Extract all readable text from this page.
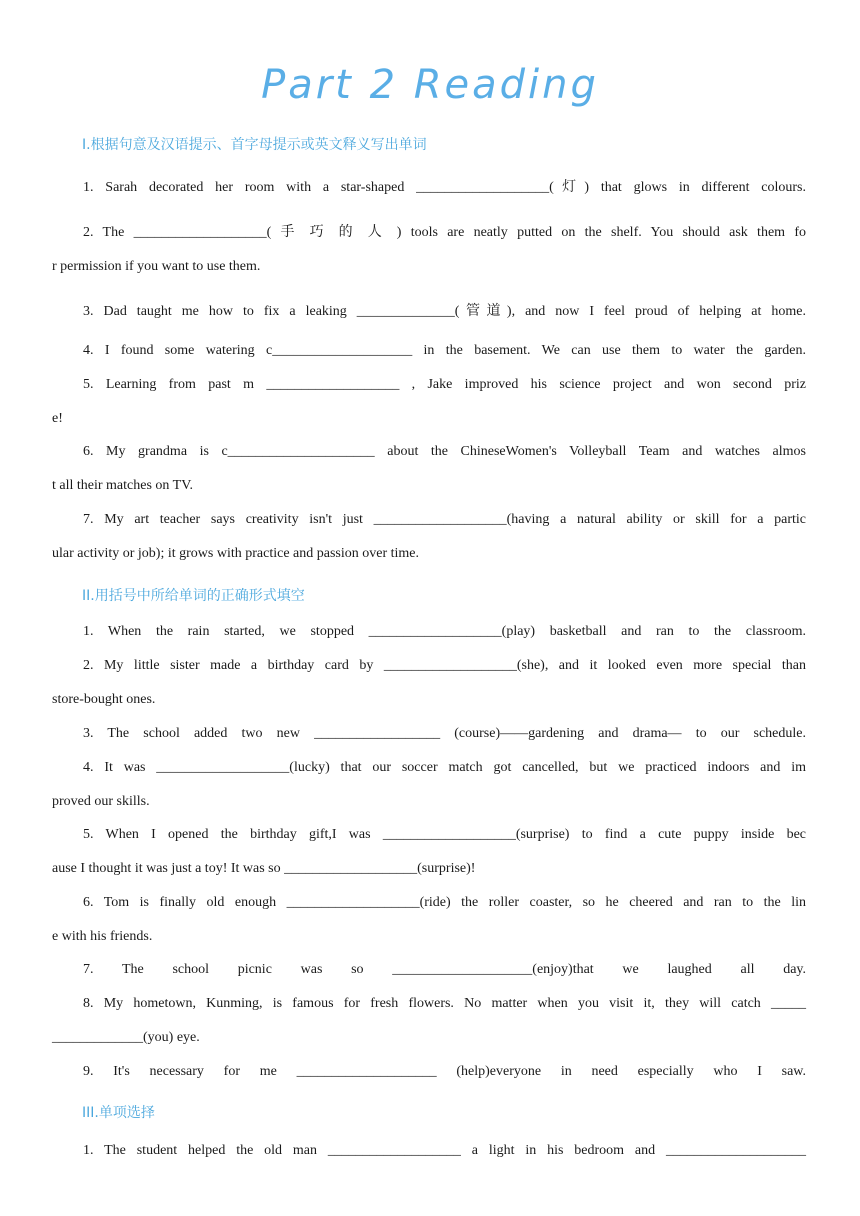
Part 2 Reading
I.根据句意及汉语提示、首字母提示或英文释义写出单词
1. Sarah decorated her room with a star-shaped ___________________(灯) that glows in different colours.
2. The ___________________( 手 巧 的 人 ) tools are neatly putted on the shelf. You should ask them fo
r permission if you want to use them.
3. Dad taught me how to fix a leaking ______________(管道), and now I feel proud of helping at home.
4. I found some watering c____________________ in the basement. We can use them to water the garden.
5. Learning from past m ___________________ , Jake improved his science project and won second priz
e!
6. My grandma is c_____________________ about the ChineseWomen's Volleyball Team and watches almos
t all their matches on TV.
7. My art teacher says creativity isn't just ___________________(having a natural ability or skill for a partic
ular activity or job); it grows with practice and passion over time.
II.用括号中所给单词的正确形式填空
1. When the rain started, we stopped ___________________(play) basketball and ran to the classroom.
2. My little sister made a birthday card by ___________________(she), and it looked even more special than
store-bought ones.
3. The school added two new __________________ (course)——gardening and drama— to our schedule.
4. It was ___________________(lucky) that our soccer match got cancelled, but we practiced indoors and im
proved our skills.
5. When I opened the birthday gift,I was ___________________(surprise) to find a cute puppy inside bec
ause I thought it was just a toy! It was so ___________________(surprise)!
6. Tom is finally old enough ___________________(ride) the roller coaster, so he cheered and ran to the lin
e with his friends.
7. The school picnic was so ____________________(enjoy)that we laughed all day.
8. My hometown, Kunming, is famous for fresh flowers. No matter when you visit it, they will catch _____
_____________(you) eye.
9. It's necessary for me ____________________ (help)everyone in need especially who I saw.
III.单项选择
1. The student helped the old man ___________________ a light in his bedroom and ____________________
